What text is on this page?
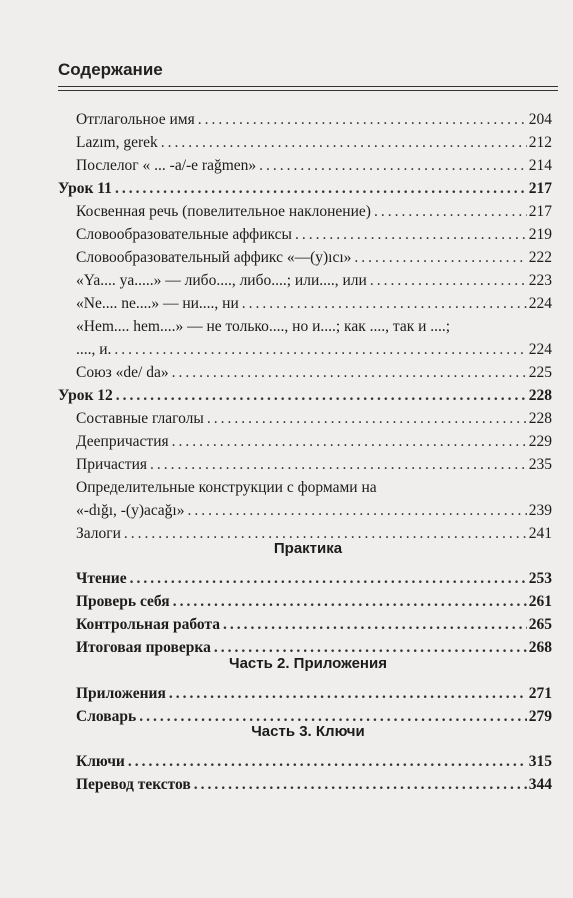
Содержание
Отглагольное имя .....	204
Lazım, gerek .....	212
Послелог « ... -a/-e rağmen» .....	214
Урок 11 .....	217
Косвенная речь (повелительное наклонение) .....	217
Словообразовательные аффиксы .....	219
Словообразовательный аффикс «—(у)ıcı» .....	222
«Ya.... ya.....» — либо...., либо....; или...., или .....	223
«Ne.... ne....» — ни...., ни .....	224
«Hem.... hem....» — не только...., но и....; как ...., так и ....;
...., и. .....	224
Союз «de/ da» .....	225
Урок 12 .....	228
Составные глаголы .....	228
Деепричастия .....	229
Причастия .....	235
Определительные конструкции с формами на
«-dığı, -(y)acağı» .....	239
Залоги .....	241
Практика
Чтение .....	253
Проверь себя .....	261
Контрольная работа .....	265
Итоговая проверка .....	268
Часть 2. Приложения
Приложения .....	271
Словарь .....	279
Часть 3. Ключи
Ключи .....	315
Перевод текстов .....	344
